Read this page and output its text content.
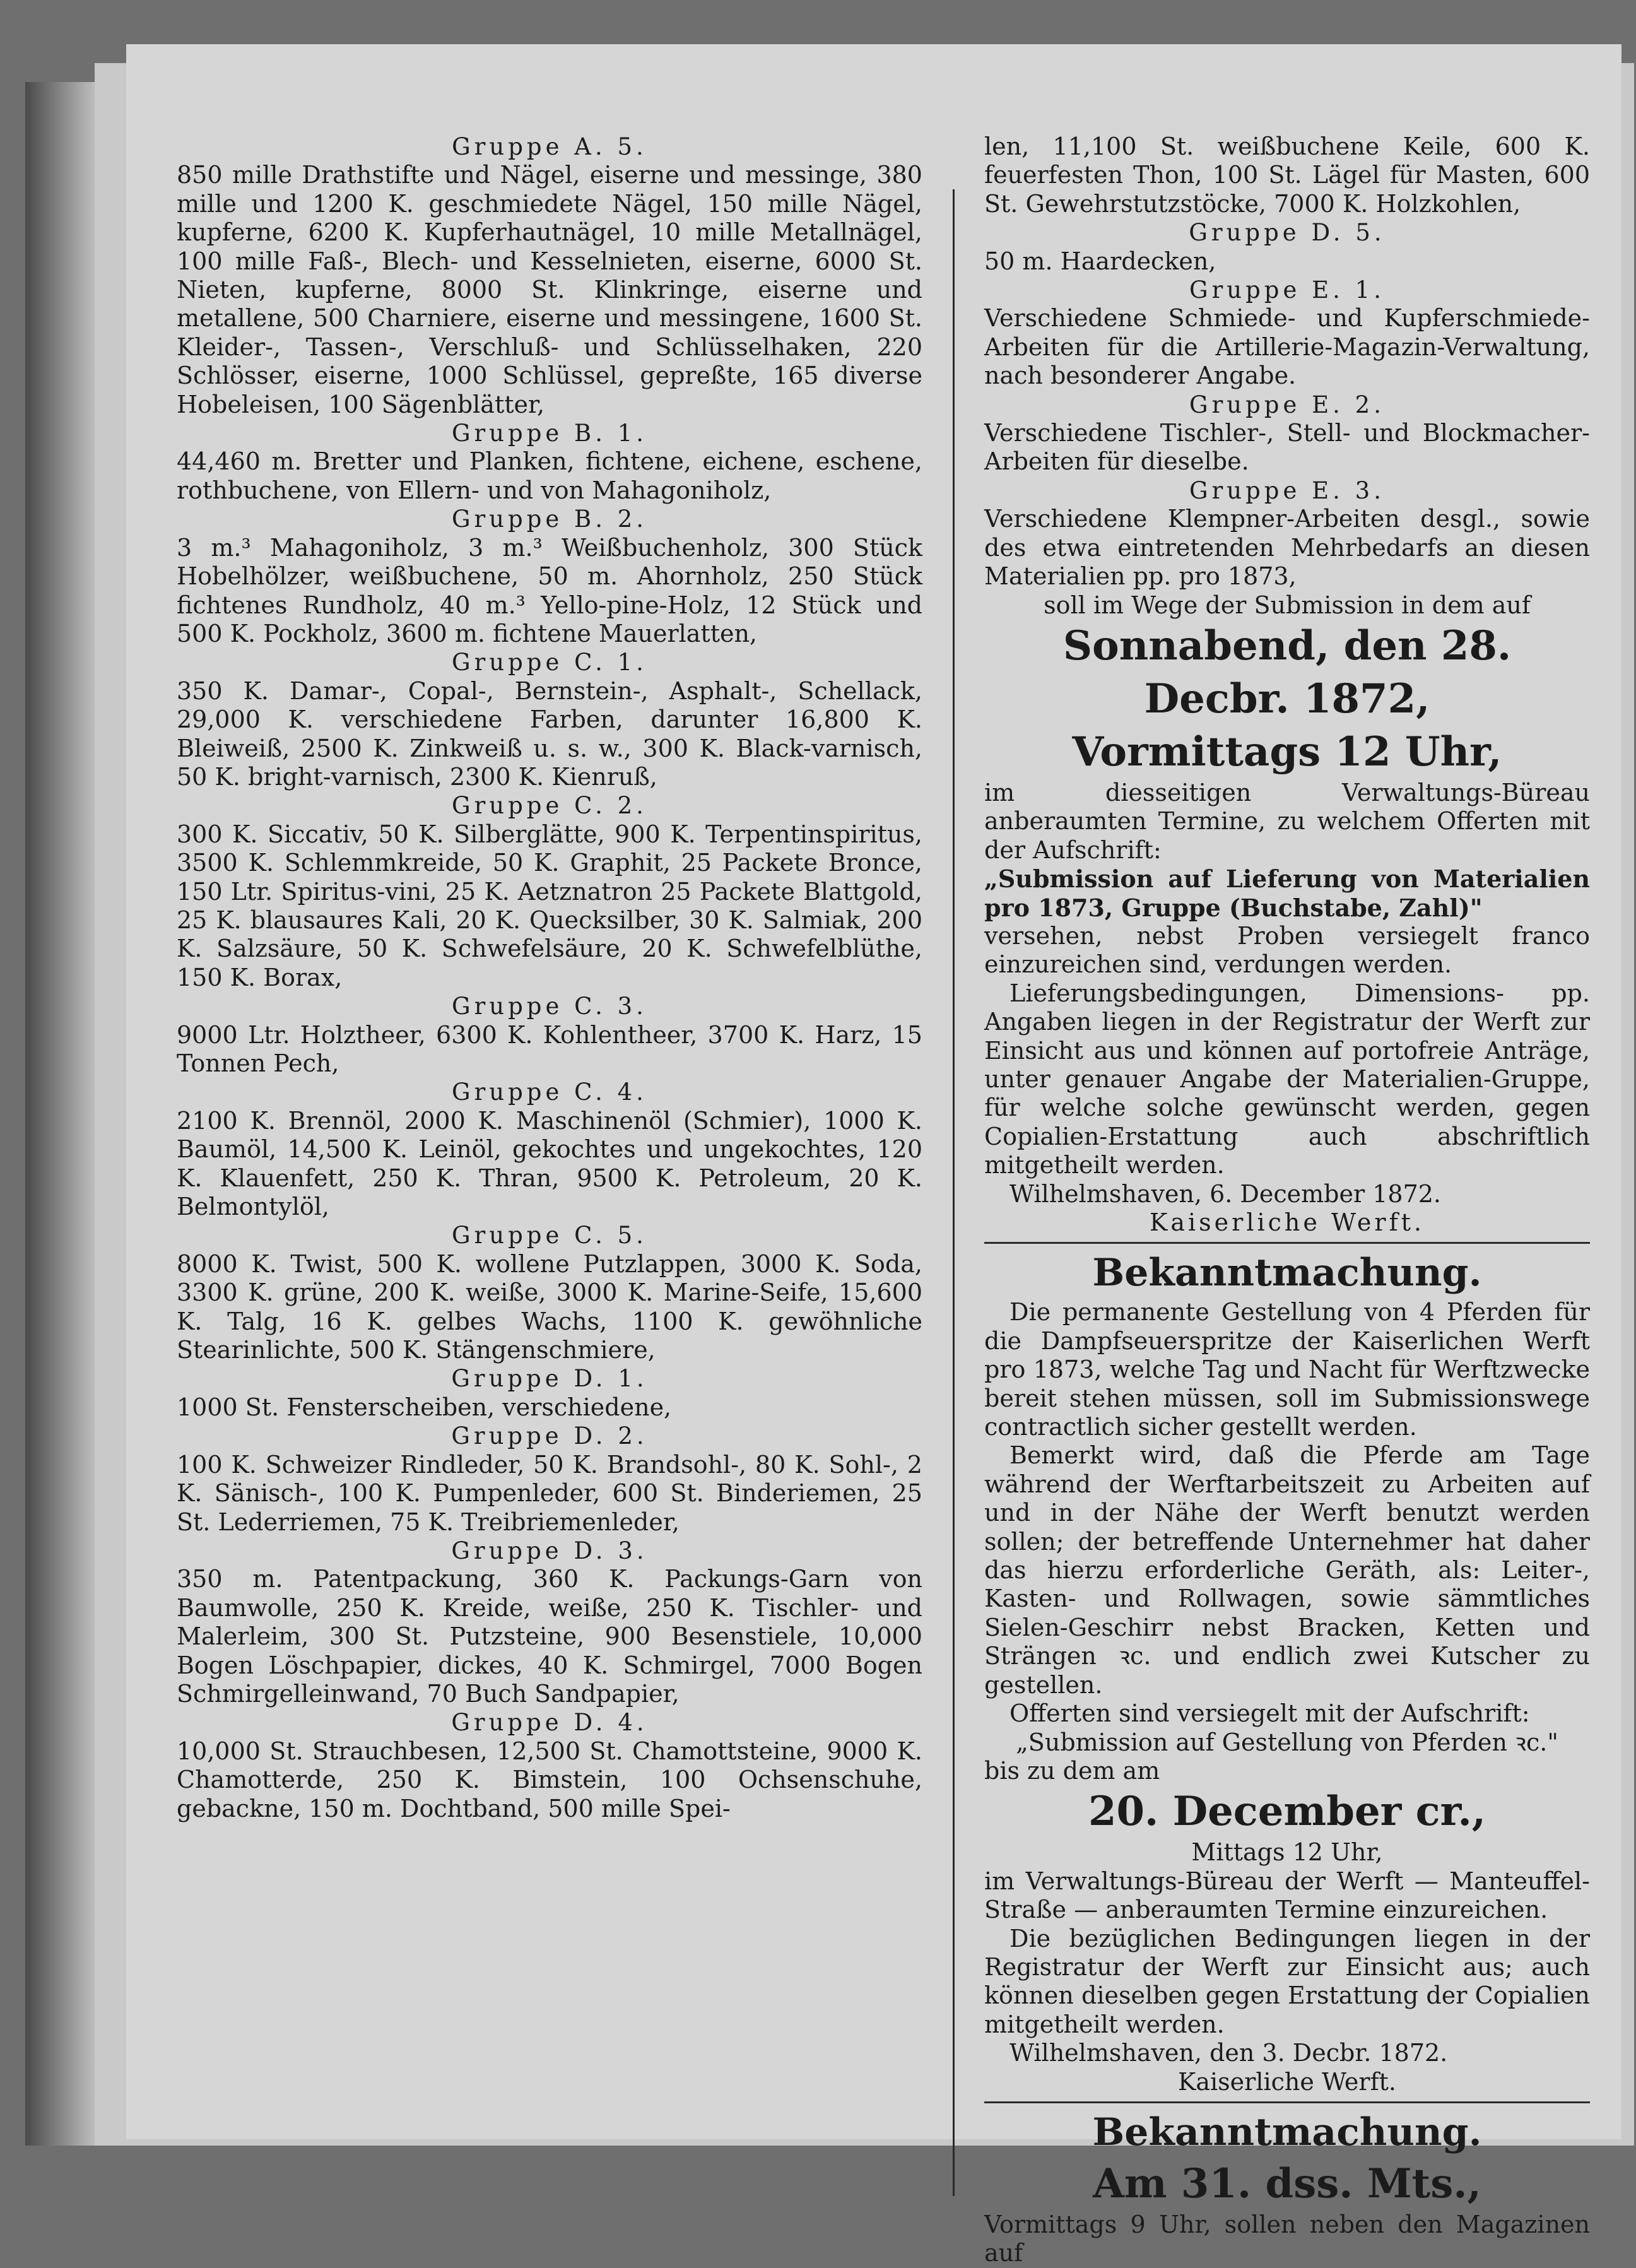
Gruppe A. 5.

850 mille Drathstifte und Nägel, eiserne und messinge, 380 mille und 1200 K. geschmiedete Nägel, 150 mille Nägel, kupferne, 6200 K. Kupferhautnägel, 10 mille Metallnägel, 100 mille Faß-, Blech- und Kesselnieten, eiserne, 6000 St. Nieten, kupferne, 8000 St. Klinkringe, eiserne und metallene, 500 Charniere, eiserne und messingene, 1600 St. Kleider-, Tassen-, Verschluß- und Schlüsselhaken, 220 Schlösser, eiserne, 1000 Schlüssel, gepreßte, 165 diverse Hobeleisen, 100 Sägenblätter,

Gruppe B. 1.

44,460 m. Bretter und Planken, fichtene, eichene, eschene, rothbuchene, von Ellern- und von Mahagoniholz,

Gruppe B. 2.

3 m.³ Mahagoniholz, 3 m.³ Weißbuchenholz, 300 Stück Hobelhölzer, weißbuchene, 50 m. Ahornholz, 250 Stück fichtenes Rundholz, 40 m.³ Yello-pine-Holz, 12 Stück und 500 K. Pockholz, 3600 m. fichtene Mauerlatten,

Gruppe C. 1.

350 K. Damar-, Copal-, Bernstein-, Asphalt-, Schellack, 29,000 K. verschiedene Farben, darunter 16,800 K. Bleiweiß, 2500 K. Zinkweiß u. s. w., 300 K. Black-varnisch, 50 K. bright-varnisch, 2300 K. Kienruß,

Gruppe C. 2.

300 K. Siccativ, 50 K. Silberglätte, 900 K. Terpentinspiritus, 3500 K. Schlemmkreide, 50 K. Graphit, 25 Packete Bronce, 150 Ltr. Spiritus-vini, 25 K. Aetznatron 25 Packete Blattgold, 25 K. blausaures Kali, 20 K. Quecksilber, 30 K. Salmiak, 200 K. Salzsäure, 50 K. Schwefelsäure, 20 K. Schwefelblüthe, 150 K. Borax,

Gruppe C. 3.

9000 Ltr. Holztheer, 6300 K. Kohlentheer, 3700 K. Harz, 15 Tonnen Pech,

Gruppe C. 4.

2100 K. Brennöl, 2000 K. Maschinenöl (Schmier), 1000 K. Baumöl, 14,500 K. Leinöl, gekochtes und ungekochtes, 120 K. Klauenfett, 250 K. Thran, 9500 K. Petroleum, 20 K. Belmontylöl,

Gruppe C. 5.

8000 K. Twist, 500 K. wollene Putzlappen, 3000 K. Soda, 3300 K. grüne, 200 K. weiße, 3000 K. Marine-Seife, 15,600 K. Talg, 16 K. gelbes Wachs, 1100 K. gewöhnliche Stearinlichte, 500 K. Stängenschmiere,

Gruppe D. 1.

1000 St. Fensterscheiben, verschiedene,

Gruppe D. 2.

100 K. Schweizer Rindleder, 50 K. Brandsohl-, 80 K. Sohl-, 2 K. Sänisch-, 100 K. Pumpenleder, 600 St. Binderiemen, 25 St. Lederriemen, 75 K. Treibriemenleder,

Gruppe D. 3.

350 m. Patentpackung, 360 K. Packungs-Garn von Baumwolle, 250 K. Kreide, weiße, 250 K. Tischler- und Malerleim, 300 St. Putzsteine, 900 Besenstiele, 10,000 Bogen Löschpapier, dickes, 40 K. Schmirgel, 7000 Bogen Schmirgelleinwand, 70 Buch Sandpapier,

Gruppe D. 4.

10,000 St. Strauchbesen, 12,500 St. Chamottsteine, 9000 K. Chamotterde, 250 K. Bimstein, 100 Ochsenschuhe, gebackne, 150 m. Dochtband, 500 mille Spei-

len, 11,100 St. weißbuchene Keile, 600 K. feuerfesten Thon, 100 St. Lägel für Masten, 600 St. Gewehrstutzstöcke, 7000 K. Holzkohlen,

Gruppe D. 5.

50 m. Haardecken,

Gruppe E. 1.

Verschiedene Schmiede- und Kupferschmiede-Arbeiten für die Artillerie-Magazin-Verwaltung, nach besonderer Angabe.

Gruppe E. 2.

Verschiedene Tischler-, Stell- und Blockmacher-Arbeiten für dieselbe.

Gruppe E. 3.

Verschiedene Klempner-Arbeiten desgl., sowie des etwa eintretenden Mehrbedarfs an diesen Materialien pp. pro 1873,

soll im Wege der Submission in dem auf

Sonnabend, den 28. Decbr. 1872,

Vormittags 12 Uhr,

im diesseitigen Verwaltungs-Büreau anberaumten Termine, zu welchem Offerten mit der Aufschrift:

„Submission auf Lieferung von Materialien pro 1873, Gruppe (Buchstabe, Zahl)"

versehen, nebst Proben versiegelt franco einzureichen sind, verdungen werden.

Lieferungsbedingungen, Dimensions- pp. Angaben liegen in der Registratur der Werft zur Einsicht aus und können auf portofreie Anträge, unter genauer Angabe der Materialien-Gruppe, für welche solche gewünscht werden, gegen Copialien-Erstattung auch abschriftlich mitgetheilt werden.

Wilhelmshaven, 6. December 1872.

Kaiserliche Werft.

Bekanntmachung.

Die permanente Gestellung von 4 Pferden für die Dampfseuerspritze der Kaiserlichen Werft pro 1873, welche Tag und Nacht für Werftzwecke bereit stehen müssen, soll im Submissionswege contractlich sicher gestellt werden.

Bemerkt wird, daß die Pferde am Tage während der Werftarbeitszeit zu Arbeiten auf und in der Nähe der Werft benutzt werden sollen; der betreffende Unternehmer hat daher das hierzu erforderliche Geräth, als: Leiter-, Kasten- und Rollwagen, sowie sämmtliches Sielen-Geschirr nebst Bracken, Ketten und Strängen ꝛc. und endlich zwei Kutscher zu gestellen.

Offerten sind versiegelt mit der Aufschrift:

„Submission auf Gestellung von Pferden ꝛc."

bis zu dem am

20. December cr.,

Mittags 12 Uhr,

im Verwaltungs-Büreau der Werft — Manteuffel-Straße — anberaumten Termine einzureichen.

Die bezüglichen Bedingungen liegen in der Registratur der Werft zur Einsicht aus; auch können dieselben gegen Erstattung der Copialien mitgetheilt werden.

Wilhelmshaven, den 3. Decbr. 1872.

Kaiserliche Werft.

Bekanntmachung.

Am 31. dss. Mts.,

Vormittags 9 Uhr, sollen neben den Magazinen auf
